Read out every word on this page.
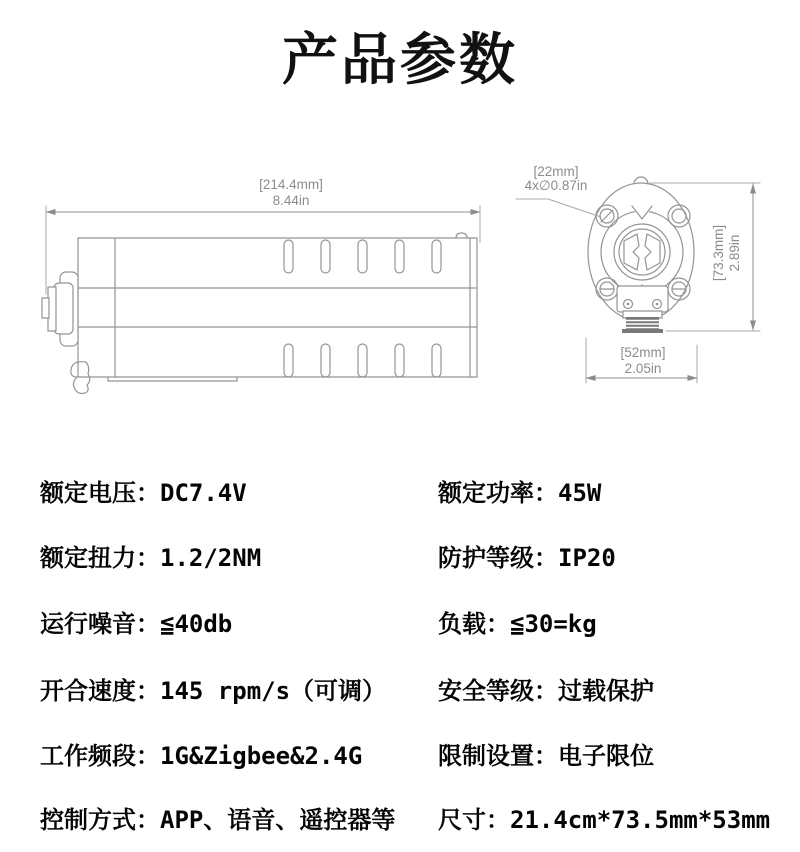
产品参数
[214.4mm]
8.44in
[22mm]
4x∅0.87in
[73.3mm] 2.89in
[52mm]
2.05in
额定电压：DC7.4V
额定扭力：1.2/2NM
运行噪音：≦40db
开合速度：145 rpm/s（可调）
工作频段：1G&Zigbee&2.4G
控制方式：APP、语音、遥控器等
额定功率：45W
防护等级：IP20
负载：≦30=kg
安全等级：过载保护
限制设置：电子限位
尺寸：21.4cm*73.5mm*53mm
